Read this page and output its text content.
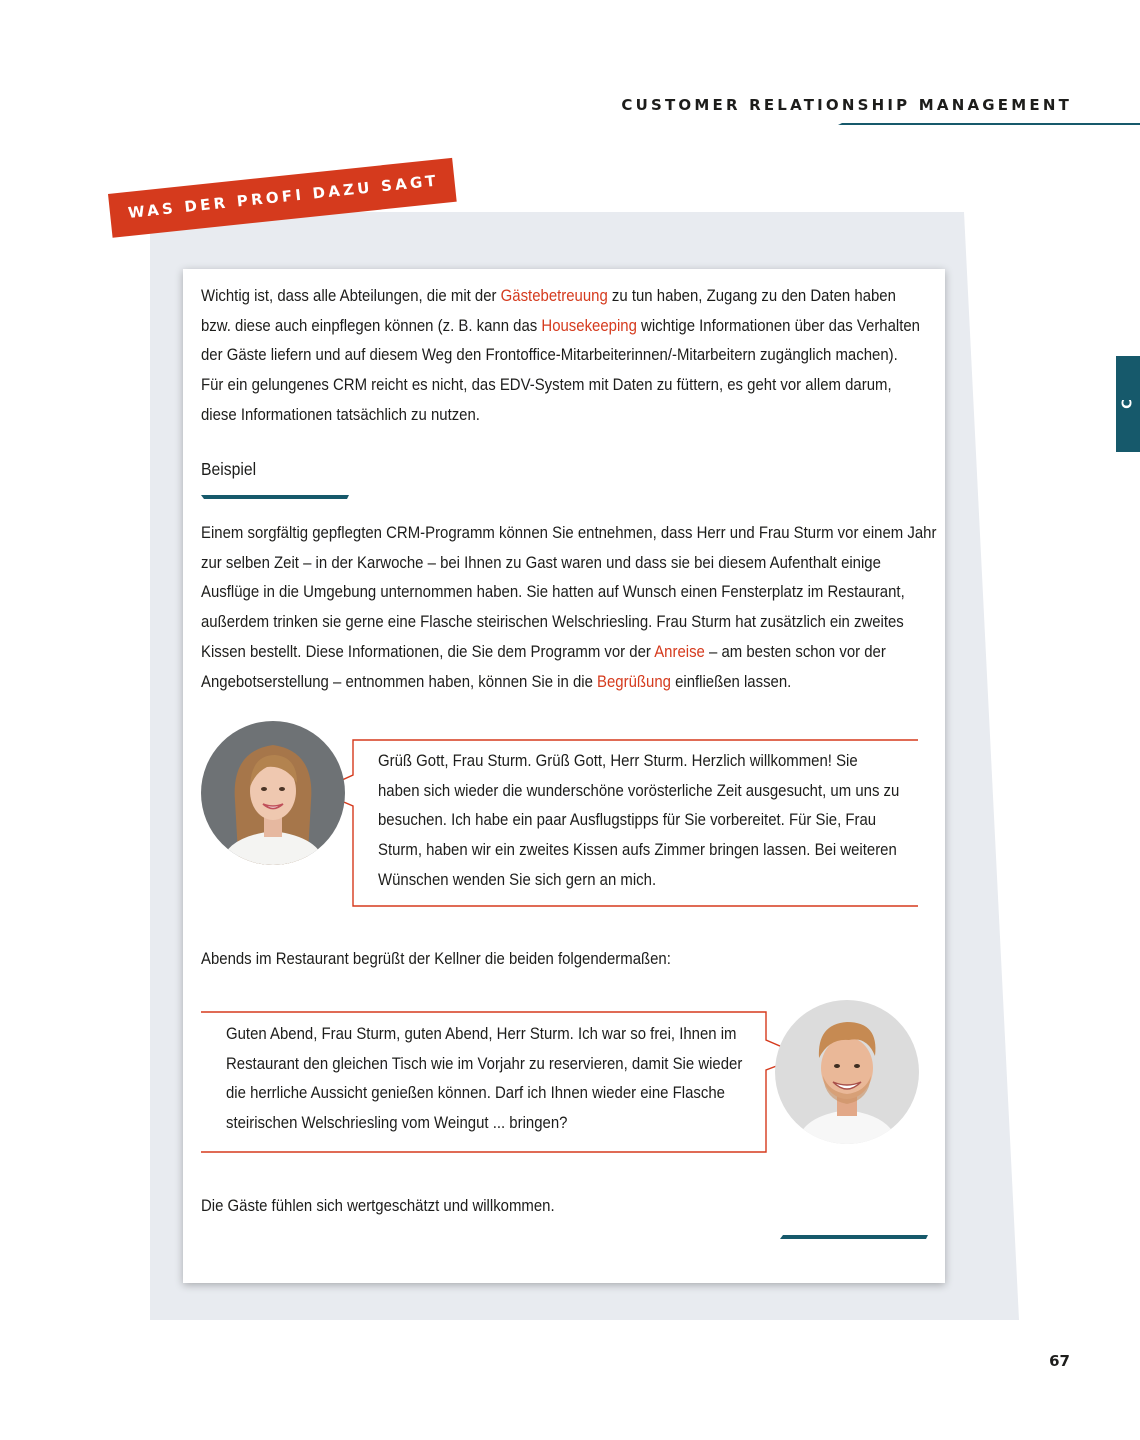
CUSTOMER RELATIONSHIP MANAGEMENT
C
WAS DER PROFI DAZU SAGT

Wichtig ist, dass alle Abteilungen, die mit der Gästebetreuung zu tun haben, Zugang zu den Daten haben bzw. diese auch einpflegen können (z. B. kann das Housekeeping wichtige Informationen über das Verhalten der Gäste liefern und auf diesem Weg den Frontoffice-Mitarbeiterinnen/-Mitarbeitern zugänglich machen). Für ein gelungenes CRM reicht es nicht, das EDV-System mit Daten zu füttern, es geht vor allem darum, diese Informationen tatsächlich zu nutzen.

Beispiel

Einem sorgfältig gepflegten CRM-Programm können Sie entnehmen, dass Herr und Frau Sturm vor einem Jahr zur selben Zeit – in der Karwoche – bei Ihnen zu Gast waren und dass sie bei diesem Aufenthalt einige Ausflüge in die Umgebung unternommen haben. Sie hatten auf Wunsch einen Fensterplatz im Restaurant, außerdem trinken sie gerne eine Flasche steirischen Welschriesling. Frau Sturm hat zusätzlich ein zweites Kissen bestellt. Diese Informationen, die Sie dem Programm vor der Anreise – am besten schon vor der Angebotserstellung – entnommen haben, können Sie in die Begrüßung einfließen lassen.

Grüß Gott, Frau Sturm. Grüß Gott, Herr Sturm. Herzlich willkommen! Sie haben sich wieder die wunderschöne vorösterliche Zeit ausgesucht, um uns zu besuchen. Ich habe ein paar Ausflugstipps für Sie vorbereitet. Für Sie, Frau Sturm, haben wir ein zweites Kissen aufs Zimmer bringen lassen. Bei weiteren Wünschen wenden Sie sich gern an mich.

Abends im Restaurant begrüßt der Kellner die beiden folgendermaßen:

Guten Abend, Frau Sturm, guten Abend, Herr Sturm. Ich war so frei, Ihnen im Restaurant den gleichen Tisch wie im Vorjahr zu reservieren, damit Sie wieder die herrliche Aussicht genießen können. Darf ich Ihnen wieder eine Flasche steirischen Welschriesling vom Weingut ... bringen?

Die Gäste fühlen sich wertgeschätzt und willkommen.

67
